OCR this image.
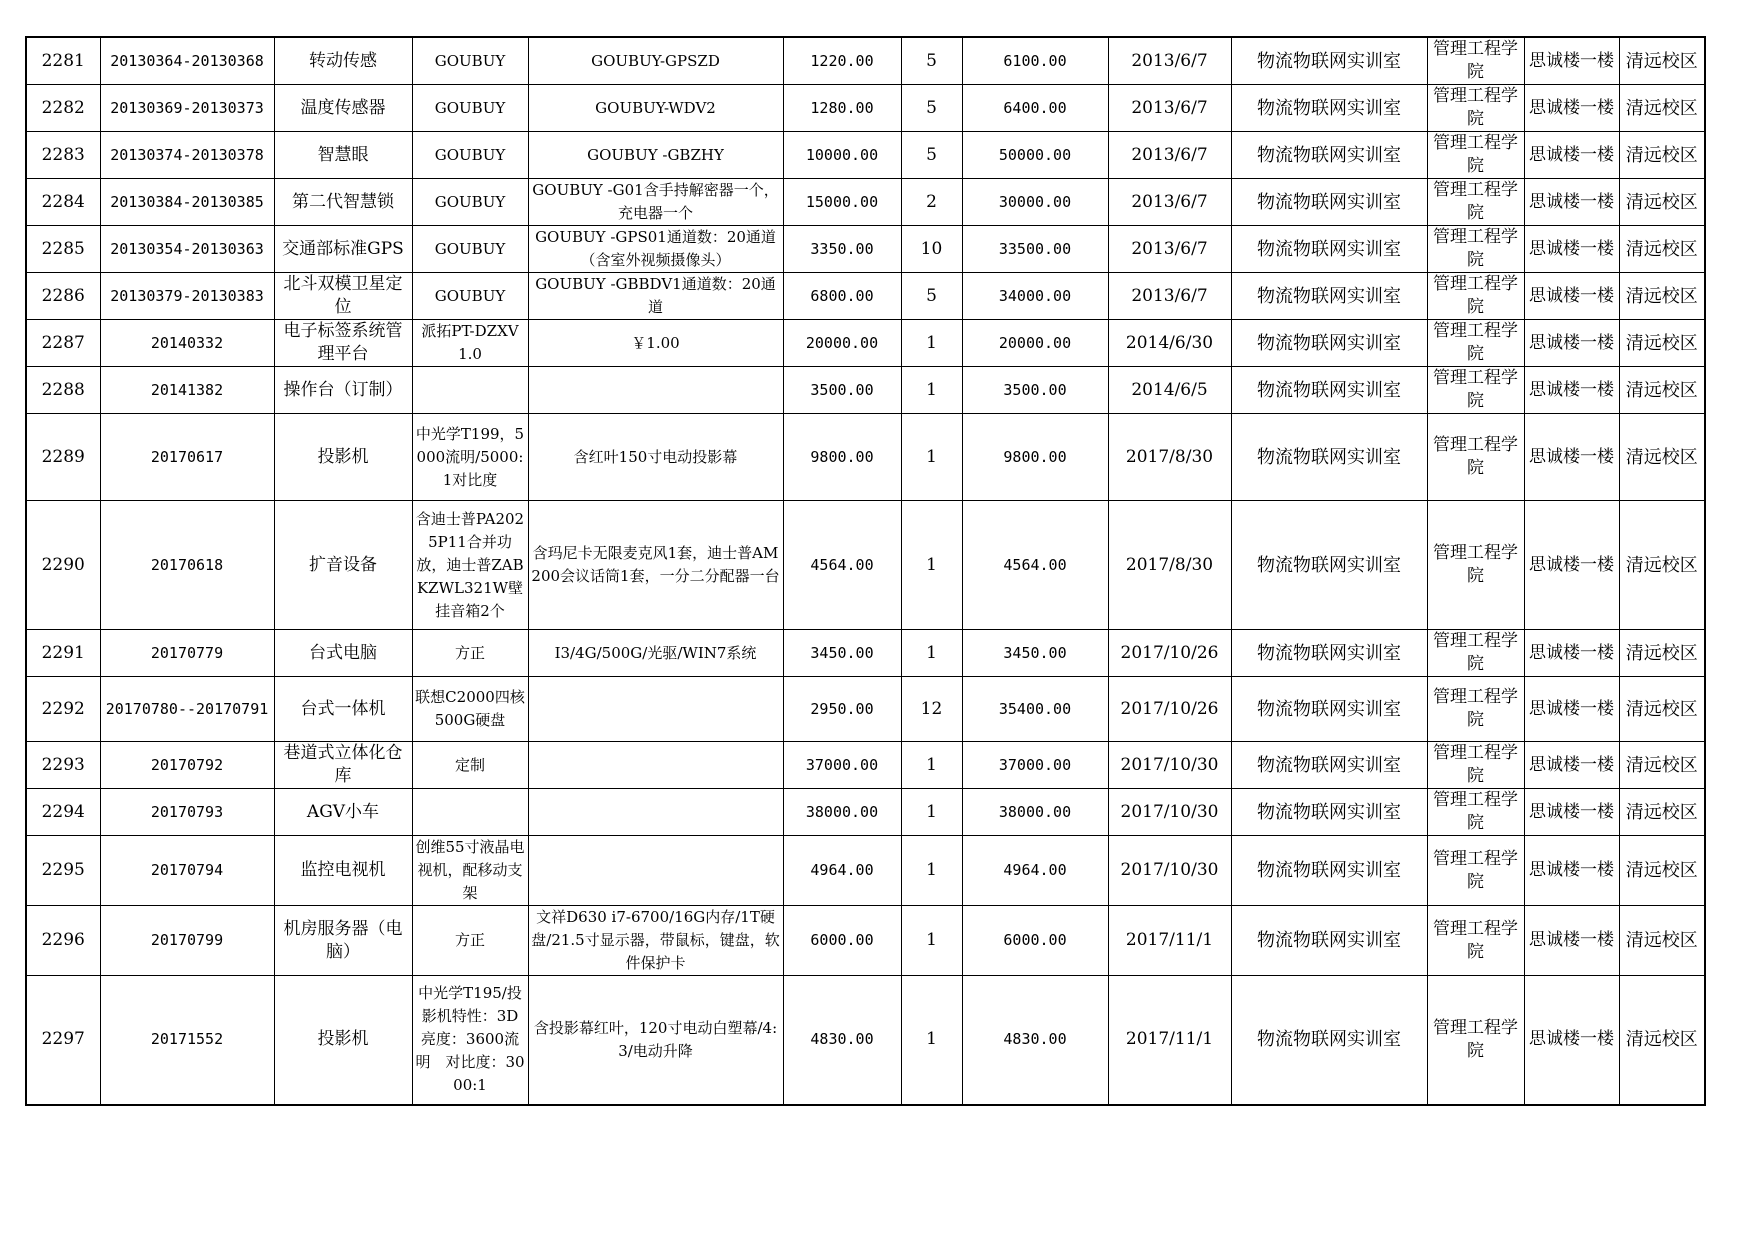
2281	20130364-20130368	转动传感	GOUBUY	GOUBUY-GPSZD	1220.00	5	6100.00	2013/6/7	物流物联网实训室	管理工程学院	思诚楼一楼	清远校区
2282	20130369-20130373	温度传感器	GOUBUY	GOUBUY-WDV2	1280.00	5	6400.00	2013/6/7	物流物联网实训室	管理工程学院	思诚楼一楼	清远校区
2283	20130374-20130378	智慧眼	GOUBUY	GOUBUY -GBZHY	10000.00	5	50000.00	2013/6/7	物流物联网实训室	管理工程学院	思诚楼一楼	清远校区
2284	20130384-20130385	第二代智慧锁	GOUBUY	GOUBUY -G01含手持解密器一个，充电器一个	15000.00	2	30000.00	2013/6/7	物流物联网实训室	管理工程学院	思诚楼一楼	清远校区
2285	20130354-20130363	交通部标准GPS	GOUBUY	GOUBUY -GPS01通道数：20通道（含室外视频摄像头）	3350.00	10	33500.00	2013/6/7	物流物联网实训室	管理工程学院	思诚楼一楼	清远校区
2286	20130379-20130383	北斗双模卫星定位	GOUBUY	GOUBUY -GBBDV1通道数：20通道	6800.00	5	34000.00	2013/6/7	物流物联网实训室	管理工程学院	思诚楼一楼	清远校区
2287	20140332	电子标签系统管理平台	派拓PT-DZXV1.0	￥1.00	20000.00	1	20000.00	2014/6/30	物流物联网实训室	管理工程学院	思诚楼一楼	清远校区
2288	20141382	操作台（订制）			3500.00	1	3500.00	2014/6/5	物流物联网实训室	管理工程学院	思诚楼一楼	清远校区
2289	20170617	投影机	中光学T199，5000流明/5000:1对比度	含红叶150寸电动投影幕	9800.00	1	9800.00	2017/8/30	物流物联网实训室	管理工程学院	思诚楼一楼	清远校区
2290	20170618	扩音设备	含迪士普PA2025P11合并功放，迪士普ZABKZWL321W壁挂音箱2个	含玛尼卡无限麦克风1套，迪士普AM200会议话筒1套，一分二分配器一台	4564.00	1	4564.00	2017/8/30	物流物联网实训室	管理工程学院	思诚楼一楼	清远校区
2291	20170779	台式电脑	方正	I3/4G/500G/光驱/WIN7系统	3450.00	1	3450.00	2017/10/26	物流物联网实训室	管理工程学院	思诚楼一楼	清远校区
2292	20170780--20170791	台式一体机	联想C2000四核　500G硬盘		2950.00	12	35400.00	2017/10/26	物流物联网实训室	管理工程学院	思诚楼一楼	清远校区
2293	20170792	巷道式立体化仓库	定制		37000.00	1	37000.00	2017/10/30	物流物联网实训室	管理工程学院	思诚楼一楼	清远校区
2294	20170793	AGV小车			38000.00	1	38000.00	2017/10/30	物流物联网实训室	管理工程学院	思诚楼一楼	清远校区
2295	20170794	监控电视机	创维55寸液晶电视机，配移动支架		4964.00	1	4964.00	2017/10/30	物流物联网实训室	管理工程学院	思诚楼一楼	清远校区
2296	20170799	机房服务器（电脑）	方正	文祥D630 i7-6700/16G内存/1T硬盘/21.5寸显示器，带鼠标，键盘，软件保护卡	6000.00	1	6000.00	2017/11/1	物流物联网实训室	管理工程学院	思诚楼一楼	清远校区
2297	20171552	投影机	中光学T195/投影机特性：3D　亮度：3600流明　对比度：3000:1	含投影幕红叶，120寸电动白塑幕/4:3/电动升降	4830.00	1	4830.00	2017/11/1	物流物联网实训室	管理工程学院	思诚楼一楼	清远校区
